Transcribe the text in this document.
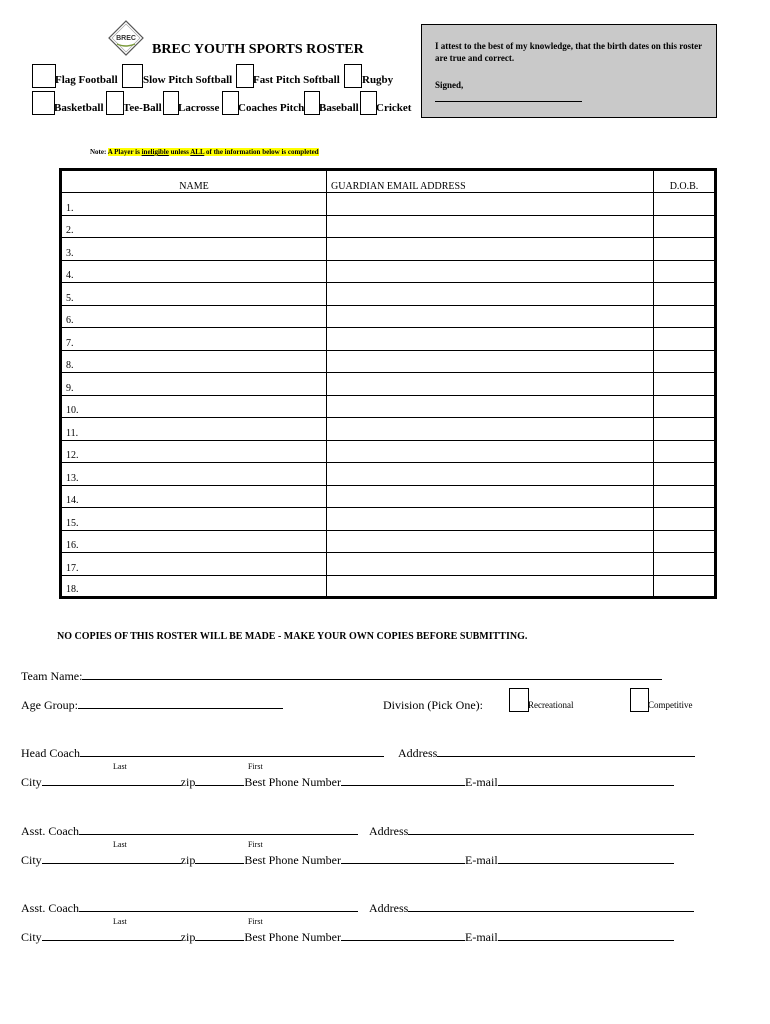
BREC
BREC YOUTH SPORTS ROSTER
Flag Football Slow Pitch Softball Fast Pitch Softball Rugby
Basketball Tee-Ball Lacrosse Coaches Pitch Baseball Cricket
I attest to the best of my knowledge, that the birth dates on this roster are true and correct.
Signed,
Note: A Player is ineligible unless ALL of the information below is completed
NAME	GUARDIAN EMAIL ADDRESS	D.O.B.
1.		
2.		
3.		
4.		
5.		
6.		
7.		
8.		
9.		
10.		
11.		
12.		
13.		
14.		
15.		
16.		
17.		
18.		
NO COPIES OF THIS ROSTER WILL BE MADE - MAKE YOUR OWN COPIES BEFORE SUBMITTING.
Team Name:
Age Group:	Division (Pick One):	Recreational	Competitive
Head Coach	Address
Last	First
City	zip	Best Phone Number	E-mail
Asst. Coach	Address
Last	First
City	zip	Best Phone Number	E-mail
Asst. Coach	Address
Last	First
City	zip	Best Phone Number	E-mail
